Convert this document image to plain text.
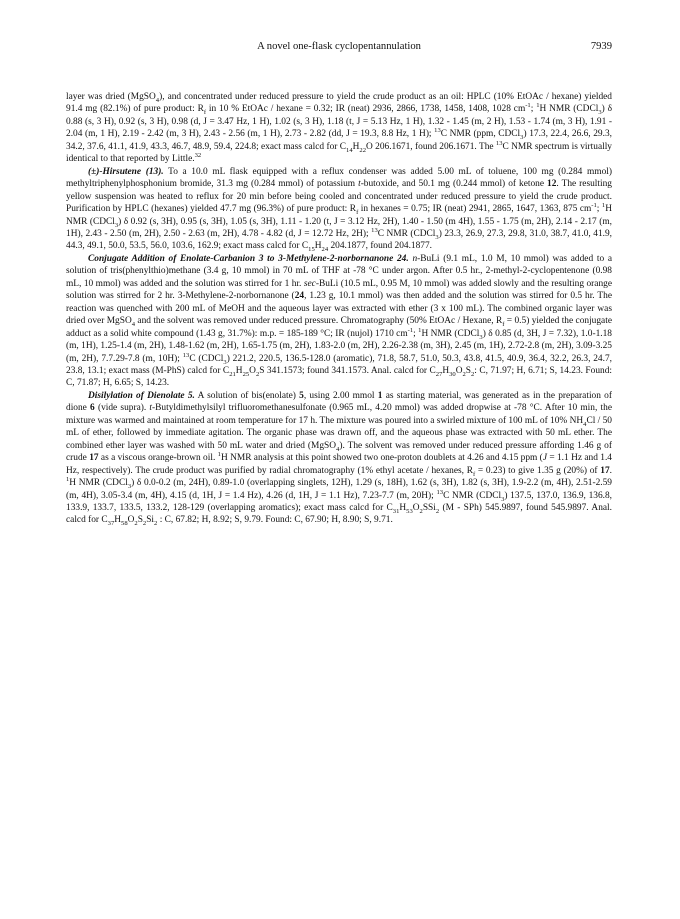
A novel one-flask cyclopentannulation	7939

layer was dried (MgSO$_4$), and concentrated under reduced pressure to yield the crude product as an oil: HPLC (10% EtOAc / hexane) yielded 91.4 mg (82.1%) of pure product: $R_f$ in 10 % EtOAc / hexane = 0.32; IR (neat) 2936, 2866, 1738, 1458, 1408, 1028 $cm^{-1}$; $^1$H NMR (CDCl$_3$) δ 0.88 (s, 3 H), 0.92 (s, 3 H), 0.98 (d, J = 3.47 Hz, 1 H), 1.02 (s, 3 H), 1.18 (t, J = 5.13 Hz, 1 H), 1.32 - 1.45 (m, 2 H), 1.53 - 1.74 (m, 3 H), 1.91 - 2.04 (m, 1 H), 2.19 - 2.42 (m, 3 H), 2.43 - 2.56 (m, 1 H), 2.73 - 2.82 (dd, J = 19.3, 8.8 Hz, 1 H); $^{13}$C NMR (ppm, CDCl$_3$) 17.3, 22.4, 26.6, 29.3, 34.2, 37.6, 41.1, 41.9, 43.3, 46.7, 48.9, 59.4, 224.8; exact mass calcd for $C_{14}H_{22}O$ 206.1671, found 206.1671. The $^{13}$C NMR spectrum is virtually identical to that reported by Little.$^{32}$

(±)-Hirsutene (13). To a 10.0 mL flask equipped with a reflux condenser was added 5.00 mL of toluene, 100 mg (0.284 mmol) methyltriphenylphosphonium bromide, 31.3 mg (0.284 mmol) of potassium t-butoxide, and 50.1 mg (0.244 mmol) of ketone 12. The resulting yellow suspension was heated to reflux for 20 min before being cooled and concentrated under reduced pressure to yield the crude product. Purification by HPLC (hexanes) yielded 47.7 mg (96.3%) of pure product: $R_f$ in hexanes = 0.75; IR (neat) 2941, 2865, 1647, 1363, 875 $cm^{-1}$; $^1$H NMR (CDCl$_3$) δ 0.92 (s, 3H), 0.95 (s, 3H), 1.05 (s, 3H), 1.11 - 1.20 (t, J = 3.12 Hz, 2H), 1.40 - 1.50 (m 4H), 1.55 - 1.75 (m, 2H), 2.14 - 2.17 (m, 1H), 2.43 - 2.50 (m, 2H), 2.50 - 2.63 (m, 2H), 4.78 - 4.82 (d, J = 12.72 Hz, 2H); $^{13}$C NMR (CDCl$_3$) 23.3, 26.9, 27.3, 29.8, 31.0, 38.7, 41.0, 41.9, 44.3, 49.1, 50.0, 53.5, 56.0, 103.6, 162.9; exact mass calcd for $C_{15}H_{24}$ 204.1877, found 204.1877.

Conjugate Addition of Enolate-Carbanion 3 to 3-Methylene-2-norbornanone 24. n-BuLi (9.1 mL, 1.0 M, 10 mmol) was added to a solution of tris(phenylthio)methane (3.4 g, 10 mmol) in 70 mL of THF at -78 °C under argon. After 0.5 hr., 2-methyl-2-cyclopentenone (0.98 mL, 10 mmol) was added and the solution was stirred for 1 hr. sec-BuLi (10.5 mL, 0.95 M, 10 mmol) was added slowly and the resulting orange solution was stirred for 2 hr. 3-Methylene-2-norbornanone (24, 1.23 g, 10.1 mmol) was then added and the solution was stirred for 0.5 hr. The reaction was quenched with 200 mL of MeOH and the aqueous layer was extracted with ether (3 x 100 mL). The combined organic layer was dried over MgSO$_4$ and the solvent was removed under reduced pressure. Chromatography (50% EtOAc / Hexane, $R_f = 0.5$) yielded the conjugate adduct as a solid white compound (1.43 g, 31.7%): m.p. = 185-189 °C; IR (nujol) 1710 $cm^{-1}$; $^1$H NMR (CDCl$_3$) δ 0.85 (d, 3H, J = 7.32), 1.0-1.18 (m, 1H), 1.25-1.4 (m, 2H), 1.48-1.62 (m, 2H), 1.65-1.75 (m, 2H), 1.83-2.0 (m, 2H), 2.26-2.38 (m, 3H), 2.45 (m, 1H), 2.72-2.8 (m, 2H), 3.09-3.25 (m, 2H), 7.7.29-7.8 (m, 10H); $^{13}$C (CDCl$_3$) 221.2, 220.5, 136.5-128.0 (aromatic), 71.8, 58.7, 51.0, 50.3, 43.8, 41.5, 40.9, 36.4, 32.2, 26.3, 24.7, 23.8, 13.1; exact mass (M-PhS) calcd for $C_{21}H_{25}O_2S$ 341.1573; found 341.1573. Anal. calcd for $C_{27}H_{30}O_2S_2$: C, 71.97; H, 6.71; S, 14.23. Found: C, 71.87; H, 6.65; S, 14.23.

Disilylation of Dienolate 5. A solution of bis(enolate) 5, using 2.00 mmol 1 as starting material, was generated as in the preparation of dione 6 (vide supra). t-Butyldimethylsilyl trifluoromethanesulfonate (0.965 mL, 4.20 mmol) was added dropwise at -78 °C. After 10 min, the mixture was warmed and maintained at room temperature for 17 h. The mixture was poured into a swirled mixture of 100 mL of 10% $NH_4Cl / 50$ mL of ether, followed by immediate agitation. The organic phase was drawn off, and the aqueous phase was extracted with 50 mL ether. The combined ether layer was washed with 50 mL water and dried (MgSO$_4$). The solvent was removed under reduced pressure affording 1.46 g of crude 17 as a viscous orange-brown oil. $^1$H NMR analysis at this point showed two one-proton doublets at 4.26 and 4.15 ppm (J = 1.1 Hz and 1.4 Hz, respectively). The crude product was purified by radial chromatography (1% ethyl acetate / hexanes, $R_f = 0.23$) to give 1.35 g (20%) of 17. $^1$H NMR (CDCl$_3$) δ 0.0-0.2 (m, 24H), 0.89-1.0 (overlapping singlets, 12H), 1.29 (s, 18H), 1.62 (s, 3H), 1.82 (s, 3H), 1.9-2.2 (m, 4H), 2.51-2.59 (m, 4H), 3.05-3.4 (m, 4H), 4.15 (d, 1H, J = 1.4 Hz), 4.26 (d, 1H, J = 1.1 Hz), 7.23-7.7 (m, 20H); $^{13}$C NMR (CDCl$_3$) 137.5, 137.0, 136.9, 136.8, 133.9, 133.7, 133.5, 133.2, 128-129 (overlapping aromatics); exact mass calcd for $C_{31}H_{53}O_2SSi_2$ (M - SPh) 545.9897, found 545.9897. Anal. calcd for $C_{37}H_{58}O_2S_2Si_2$ : C, 67.82; H, 8.92; S, 9.79. Found: C, 67.90; H, 8.90; S, 9.71.
